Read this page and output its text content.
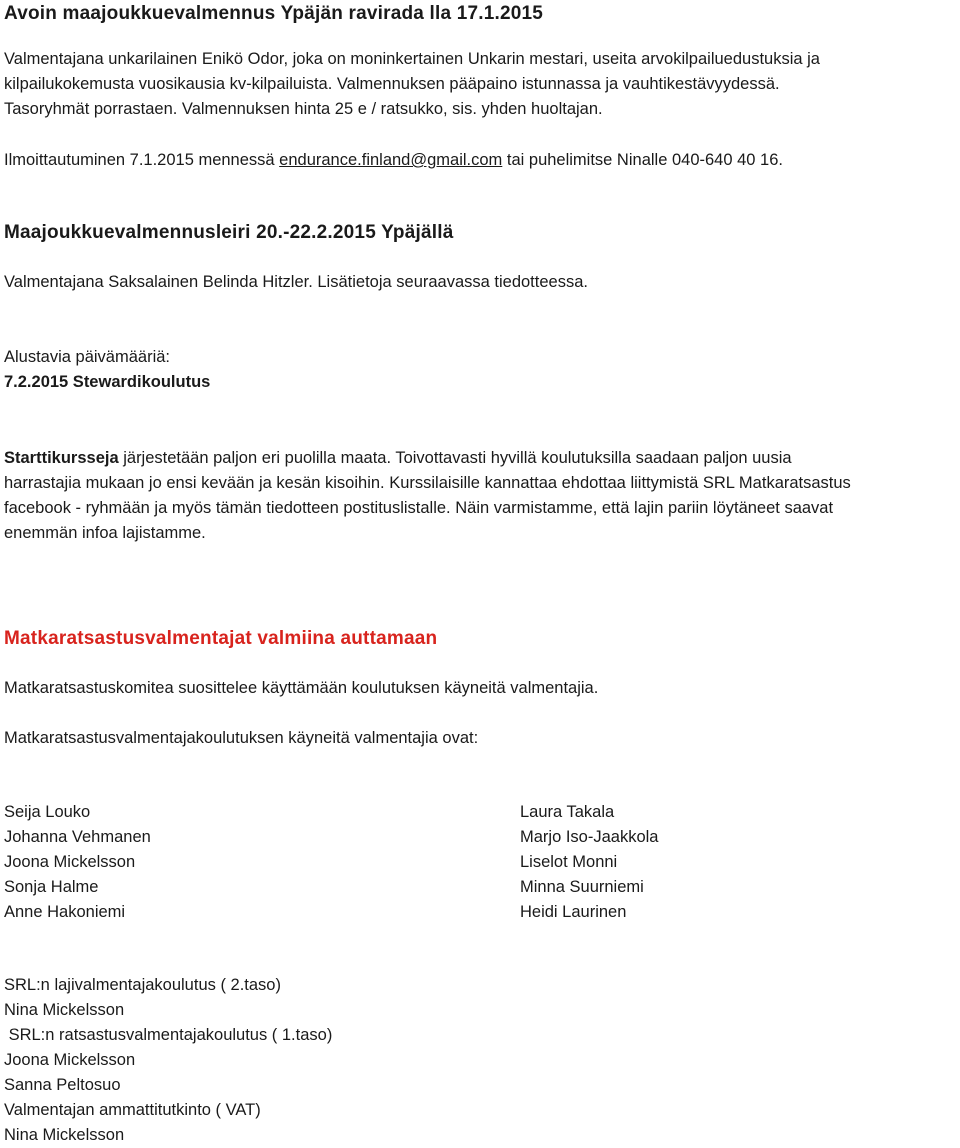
Avoin maajoukkuevalmennus Ypäjän ravirada lla 17.1.2015

Valmentajana unkarilainen Enikö Odor, joka on moninkertainen Unkarin mestari, useita arvokilpailuedustuksia ja

kilpailukokemusta vuosikausia kv-kilpailuista. Valmennuksen pääpaino istunnassa ja vauhtikestävyydessä.

Tasoryhmät porrastaen. Valmennuksen hinta 25 e / ratsukko, sis. yhden huoltajan.

Ilmoittautuminen 7.1.2015 mennessä endurance.finland@gmail.com tai puhelimitse Ninalle 040-640 40 16.

Maajoukkuevalmennusleiri 20.-22.2.2015 Ypäjällä

Valmentajana Saksalainen Belinda Hitzler. Lisätietoja seuraavassa tiedotteessa.

Alustavia päivämääriä:

7.2.2015 Stewardikoulutus

Starttikursseja järjestetään paljon eri puolilla maata. Toivottavasti hyvillä koulutuksilla saadaan paljon uusia

harrastajia mukaan jo ensi kevään ja kesän kisoihin. Kurssilaisille kannattaa ehdottaa liittymistä SRL Matkaratsastus

facebook - ryhmään ja myös tämän tiedotteen postituslistalle. Näin varmistamme, että lajin pariin löytäneet saavat

enemmän infoa lajistamme.

Matkaratsastusvalmentajat valmiina auttamaan

Matkaratsastuskomitea suosittelee käyttämään koulutuksen käyneitä valmentajia.

Matkaratsastusvalmentajakoulutuksen käyneitä valmentajia ovat:

Seija Louko
Johanna Vehmanen
Joona Mickelsson
Sonja Halme
Anne Hakoniemi
Laura Takala
Marjo Iso-Jaakkola
Liselot Monni
Minna Suurniemi
Heidi Laurinen

SRL:n lajivalmentajakoulutus ( 2.taso)

Nina Mickelsson

SRL:n ratsastusvalmentajakoulutus ( 1.taso)

Joona Mickelsson

Sanna Peltosuo

Valmentajan ammattitutkinto ( VAT)

Nina Mickelsson
